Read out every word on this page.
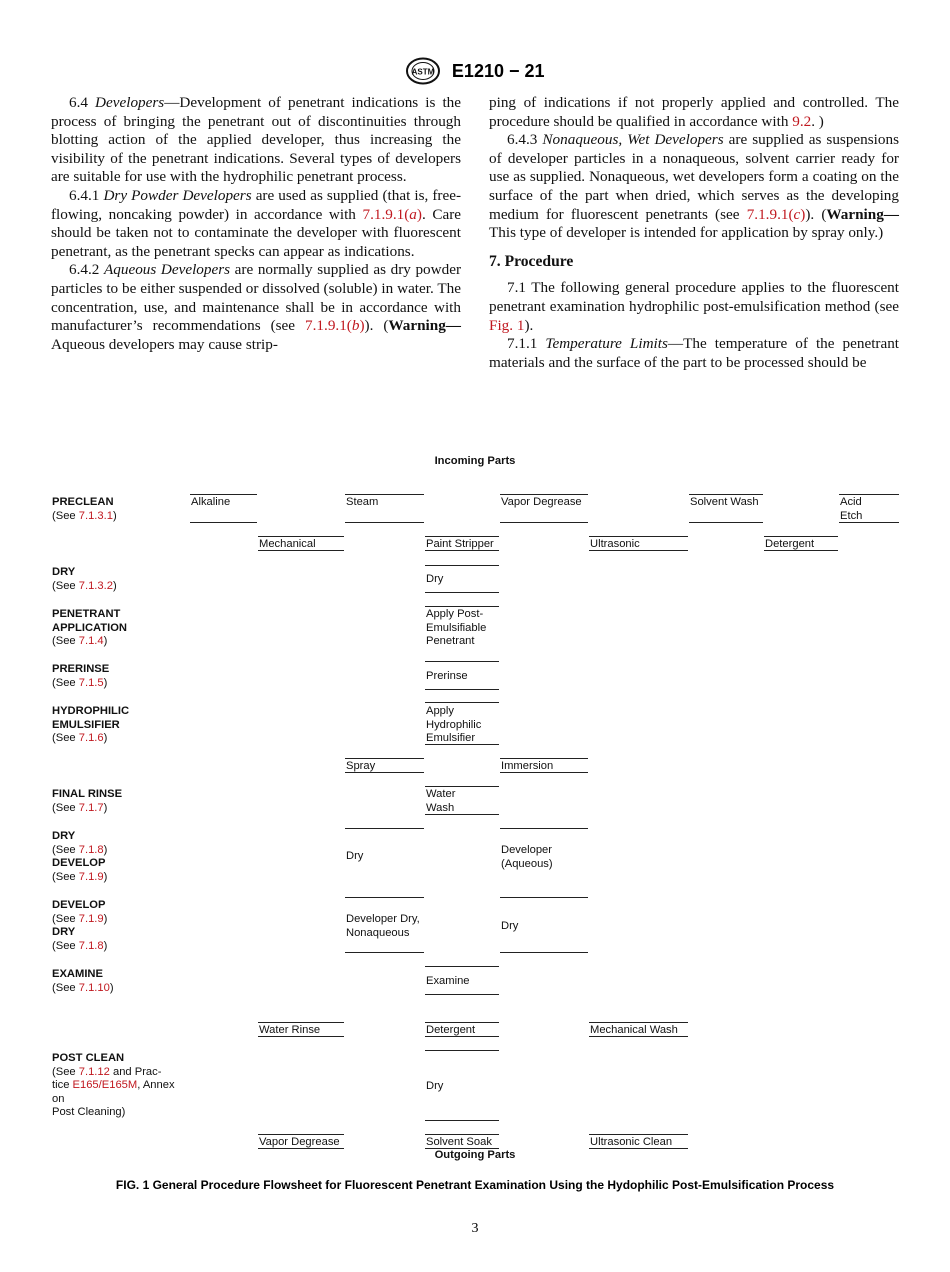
ASTM E1210 − 21

6.4 Developers—Development of penetrant indications is the process of bringing the penetrant out of discontinuities through blotting action of the applied developer, thus increasing the visibility of the penetrant indications. Several types of developers are suitable for use with the hydrophilic penetrant process.

6.4.1 Dry Powder Developers are used as supplied (that is, free-flowing, noncaking powder) in accordance with 7.1.9.1(a). Care should be taken not to contaminate the developer with fluorescent penetrant, as the penetrant specks can appear as indications.

6.4.2 Aqueous Developers are normally supplied as dry powder particles to be either suspended or dissolved (soluble) in water. The concentration, use, and maintenance shall be in accordance with manufacturer’s recommendations (see 7.1.9.1(b)). (Warning—Aqueous developers may cause strip-

ping of indications if not properly applied and controlled. The procedure should be qualified in accordance with 9.2. )

6.4.3 Nonaqueous, Wet Developers are supplied as suspensions of developer particles in a nonaqueous, solvent carrier ready for use as supplied. Nonaqueous, wet developers form a coating on the surface of the part when dried, which serves as the developing medium for fluorescent penetrants (see 7.1.9.1(c)). (Warning—This type of developer is intended for application by spray only.)

7. Procedure

7.1 The following general procedure applies to the fluorescent penetrant examination hydrophilic post-emulsification method (see Fig. 1).

7.1.1 Temperature Limits—The temperature of the penetrant materials and the surface of the part to be processed should be

Incoming Parts
PRECLEAN
(See 7.1.3.1)
DRY
(See 7.1.3.2)
PENETRANT
APPLICATION
(See 7.1.4)
PRERINSE
(See 7.1.5)
HYDROPHILIC
EMULSIFIER
(See 7.1.6)
FINAL RINSE
(See 7.1.7)
DRY
(See 7.1.8)
DEVELOP
(See 7.1.9)
DEVELOP
(See 7.1.9)
DRY
(See 7.1.8)
EXAMINE
(See 7.1.10)
POST CLEAN
(See 7.1.12 and Prac-
tice E165/E165M, Annex
on
Post Cleaning)
Alkaline	Steam	Vapor Degrease	Solvent Wash	Acid
Etch
Mechanical	Paint Stripper	Ultrasonic	Detergent
Dry
Apply Post-
Emulsifiable
Penetrant
Prerinse
Apply
Hydrophilic
Emulsifier
Spray	Immersion
Water
Wash
Dry	Developer
(Aqueous)
Developer Dry,
Nonaqueous
Dry
Examine
Water Rinse	Detergent	Mechanical Wash
Dry
Vapor Degrease	Solvent Soak	Ultrasonic Clean
Outgoing Parts
FIG. 1 General Procedure Flowsheet for Fluorescent Penetrant Examination Using the Hydophilic Post-Emulsification Process
3
